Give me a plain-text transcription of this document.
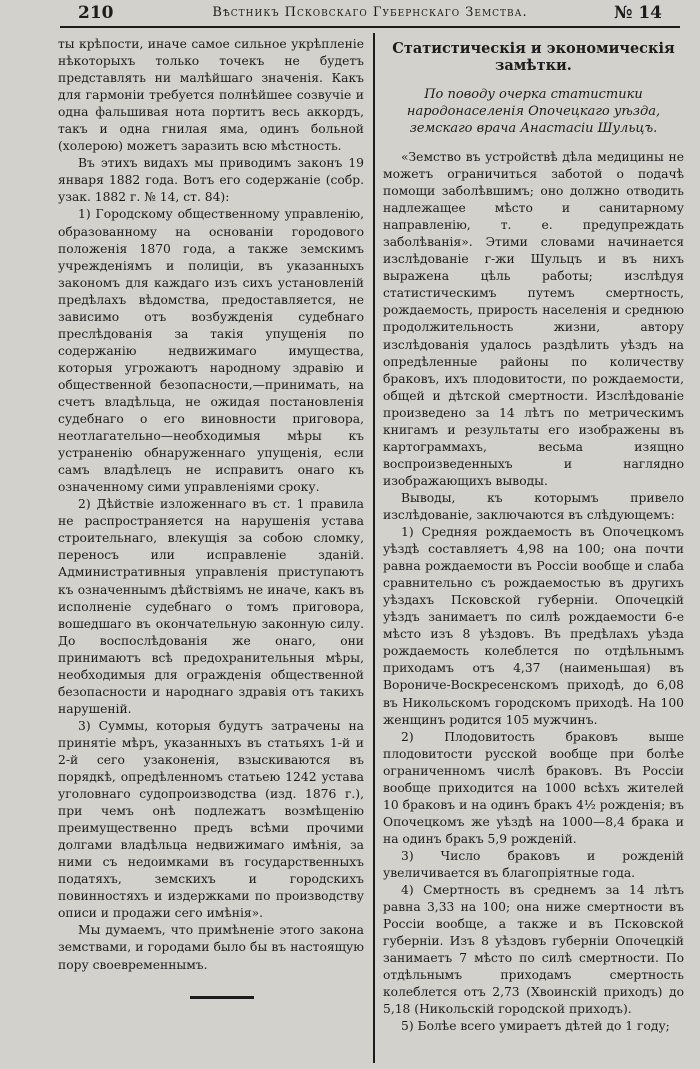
210	Вѣстникъ Псковскаго Губернскаго Земства.	№ 14

ты крѣпости, иначе самое сильное укрѣпленіе нѣкоторыхъ только точекъ не будетъ представлять ни малѣйшаго значенія. Какъ для гармоніи требуется полнѣйшее созвучіе и одна фальшивая нота портитъ весь аккордъ, такъ и одна гнилая яма, одинъ больной (холерою) можетъ заразить всю мѣстность.

Въ этихъ видахъ мы приводимъ законъ 19 января 1882 года. Вотъ его содержаніе (собр. узак. 1882 г. № 14, ст. 84):

1) Городскому общественному управленію, образованному на основаніи городового положенія 1870 года, а также земскимъ учрежденіямъ и полиціи, въ указанныхъ закономъ для каждаго изъ сихъ установленій предѣлахъ вѣдомства, предоставляется, не зависимо отъ возбужденія судебнаго преслѣдованія за такія упущенія по содержанію недвижимаго имущества, которыя угрожаютъ народному здравію и общественной безопасности,—принимать, на счетъ владѣльца, не ожидая постановленія судебнаго о его виновности приговора, неотлагательно—необходимыя мѣры къ устраненію обнаруженнаго упущенія, если самъ владѣлецъ не исправитъ онаго къ означенному сими управленіями сроку.

2) Дѣйствіе изложеннаго въ ст. 1 правила не распространяется на нарушенія устава строительнаго, влекущія за собою сломку, переносъ или исправленіе зданій. Административныя управленія приступаютъ къ означеннымъ дѣйствіямъ не иначе, какъ въ исполненіе судебнаго о томъ приговора, вошедшаго въ окончательную законную силу. До воспослѣдованія же онаго, они принимаютъ всѣ предохранительныя мѣры, необходимыя для огражденія общественной безопасности и народнаго здравія отъ такихъ нарушеній.

3) Суммы, которыя будутъ затрачены на принятіе мѣръ, указанныхъ въ статьяхъ 1-й и 2-й сего узаконенія, взыскиваются въ порядкѣ, опредѣленномъ статьею 1242 устава уголовнаго судопроизводства (изд. 1876 г.), при чемъ онѣ подлежатъ возмѣщенію преимущественно предъ всѣми прочими долгами владѣльца недвижимаго имѣнія, за ними съ недоимками въ государственныхъ податяхъ, земскихъ и городскихъ повинностяхъ и издержками по производству описи и продажи сего имѣнія».

Мы думаемъ, что примѣненіе этого закона земствами, и городами было бы въ настоящую пору своевременнымъ.

Статистическія и экономическія замѣтки.
По поводу очерка статистики народонаселенія Опочецкаго уѣзда, земскаго врача Анастасіи Шульцъ.

«Земство въ устройствѣ дѣла медицины не можетъ ограничиться заботой о подачѣ помощи заболѣвшимъ; оно должно отводить надлежащее мѣсто и санитарному направленію, т. е. предупреждать заболѣванія». Этими словами начинается изслѣдованіе г-жи Шульцъ и въ нихъ выражена цѣль работы; изслѣдуя статистическимъ путемъ смертность, рождаемость, прирость населенія и среднюю продолжительность жизни, автору изслѣдованія удалось раздѣлить уѣздъ на опредѣленные районы по количеству браковъ, ихъ плодовитости, по рождаемости, общей и дѣтской смертности. Изслѣдованіе произведено за 14 лѣтъ по метрическимъ книгамъ и результаты его изображены въ картограммахъ, весьма изящно воспроизведенныхъ и наглядно изображающихъ выводы.

Выводы, къ которымъ привело изслѣдованіе, заключаются въ слѣдующемъ:

1) Средняя рождаемость въ Опочецкомъ уѣздѣ составляетъ 4,98 на 100; она почти равна рождаемости въ Россіи вообще и слаба сравнительно съ рождаемостью въ другихъ уѣздахъ Псковской губерніи. Опочецкій уѣздъ занимаетъ по силѣ рождаемости 6-е мѣсто изъ 8 уѣздовъ. Въ предѣлахъ уѣзда рождаемость колеблется по отдѣльнымъ приходамъ отъ 4,37 (наименьшая) въ Ворониче-Воскресенскомъ приходѣ, до 6,08 въ Никольскомъ городскомъ приходѣ. На 100 женщинъ родится 105 мужчинъ.

2) Плодовитость браковъ выше плодовитости русской вообще при болѣе ограниченномъ числѣ браковъ. Въ Россіи вообще приходится на 1000 всѣхъ жителей 10 браковъ и на одинъ бракъ 4½ рожденія; въ Опочецкомъ же уѣздѣ на 1000—8,4 брака и на одинъ бракъ 5,9 рожденій.

3) Число браковъ и рожденій увеличивается въ благопріятные года.

4) Смертность въ среднемъ за 14 лѣтъ равна 3,33 на 100; она ниже смертности въ Россіи вообще, а также и въ Псковской губерніи. Изъ 8 уѣздовъ губерніи Опочецкій занимаетъ 7 мѣсто по силѣ смертности. По отдѣльнымъ приходамъ смертность колеблется отъ 2,73 (Хвоинскій приходъ) до 5,18 (Никольскій городской приходъ).

5) Болѣе всего умираетъ дѣтей до 1 году;
